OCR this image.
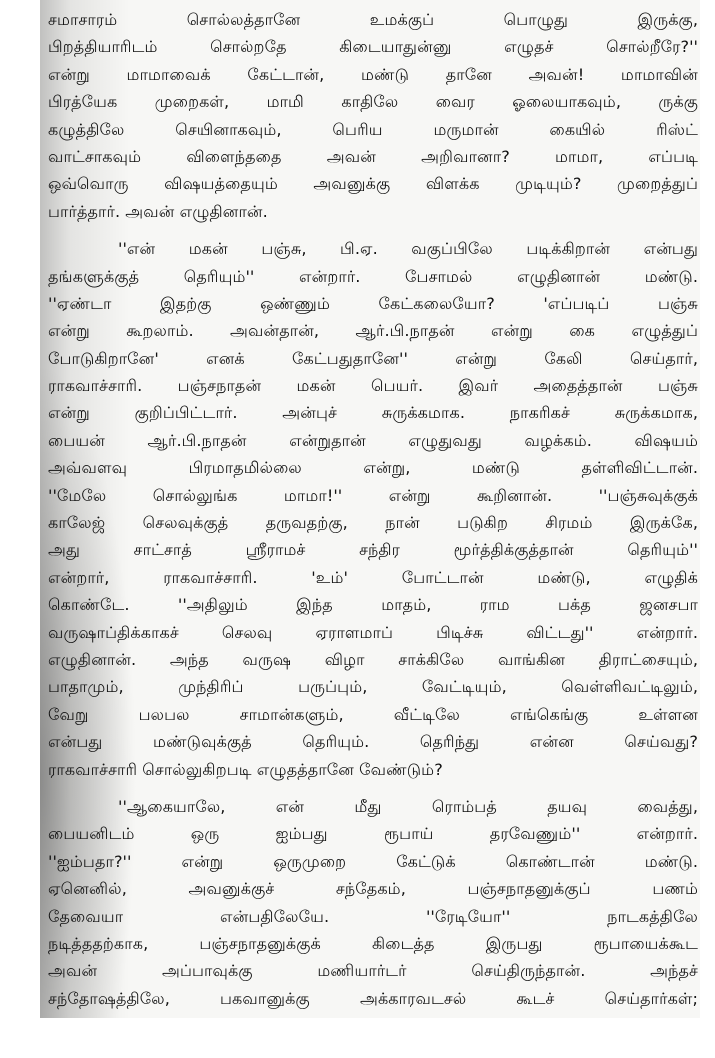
சமாசாரம் சொல்லத்தானே உமக்குப் பொழுது இருக்கு,
பிறத்தியாரிடம் சொல்றதே கிடையாதுன்னு எழுதச் சொல்றீரே?''
என்று மாமாவைக் கேட்டான், மண்டு தானே அவன்! மாமாவின்
பிரத்யேக முறைகள், மாமி காதிலே வைர ஓலையாகவும், ருக்கு
கழுத்திலே செயினாகவும், பெரிய மருமான் கையில் ரிஸ்ட்
வாட்சாகவும் விளைந்ததை அவன் அறிவானா? மாமா, எப்படி
ஒவ்வொரு விஷயத்தையும் அவனுக்கு விளக்க முடியும்? முறைத்துப்
பார்த்தார். அவன் எழுதினான்.
''என் மகன் பஞ்சு, பி.ஏ. வகுப்பிலே படிக்கிறான் என்பது
தங்களுக்குத் தெரியும்'' என்றார். பேசாமல் எழுதினான் மண்டு.
''ஏண்டா இதற்கு ஒண்ணும் கேட்கலையோ? 'எப்படிப் பஞ்சு
என்று கூறலாம். அவன்தான், ஆர்.பி.நாதன் என்று கை எழுத்துப்
போடுகிறானே' எனக் கேட்பதுதானே'' என்று கேலி செய்தார்,
ராகவாச்சாரி. பஞ்சநாதன் மகன் பெயர். இவர் அதைத்தான் பஞ்சு
என்று குறிப்பிட்டார். அன்புச் சுருக்கமாக. நாகரிகச் சுருக்கமாக,
பையன் ஆர்.பி.நாதன் என்றுதான் எழுதுவது வழக்கம். விஷயம்
அவ்வளவு பிரமாதமில்லை என்று, மண்டு தள்ளிவிட்டான்.
''மேலே சொல்லுங்க மாமா!'' என்று கூறினான். ''பஞ்சுவுக்குக்
காலேஜ் செலவுக்குத் தருவதற்கு, நான் படுகிற சிரமம் இருக்கே,
அது சாட்சாத் ஸ்ரீராமச் சந்திர மூர்த்திக்குத்தான் தெரியும்''
என்றார், ராகவாச்சாரி. 'உம்' போட்டான் மண்டு, எழுதிக்
கொண்டே. ''அதிலும் இந்த மாதம், ராம பக்த ஜனசபா
வருஷாப்திக்காகச் செலவு ஏராளமாப் பிடிச்சு விட்டது'' என்றார்.
எழுதினான். அந்த வருஷ விழா சாக்கிலே வாங்கின திராட்சையும்,
பாதாமும், முந்திரிப் பருப்பும், வேட்டியும், வெள்ளிவட்டிலும்,
வேறு பலபல சாமான்களும், வீட்டிலே எங்கெங்கு உள்ளன
என்பது மண்டுவுக்குத் தெரியும். தெரிந்து என்ன செய்வது?
ராகவாச்சாரி சொல்லுகிறபடி எழுதத்தானே வேண்டும்?
''ஆகையாலே, என் மீது ரொம்பத் தயவு வைத்து,
பையனிடம் ஒரு ஐம்பது ரூபாய் தரவேணும்'' என்றார்.
''ஐம்பதா?'' என்று ஒருமுறை கேட்டுக் கொண்டான் மண்டு.
ஏனெனில், அவனுக்குச் சந்தேகம், பஞ்சநாதனுக்குப் பணம்
தேவையா என்பதிலேயே. ''ரேடியோ'' நாடகத்திலே
நடித்ததற்காக, பஞ்சநாதனுக்குக் கிடைத்த இருபது ரூபாயைக்கூட
அவன் அப்பாவுக்கு மணியார்டர் செய்திருந்தான். அந்தச்
சந்தோஷத்திலே, பகவானுக்கு அக்காரவடசல் கூடச் செய்தார்கள்;
